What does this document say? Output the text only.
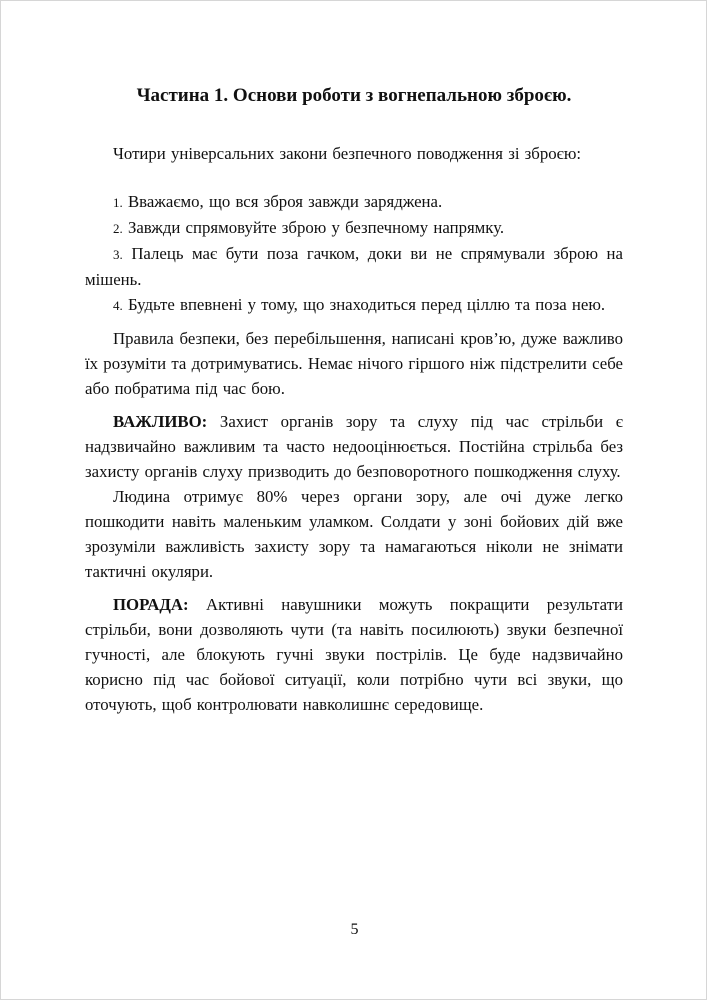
Частина 1. Основи роботи з вогнепальною зброєю.

Чотири універсальних закони безпечного поводження зі зброєю:

1. Вважаємо, що вся зброя завжди заряджена.

2. Завжди спрямовуйте зброю у безпечному напрямку.

3. Палець має бути поза гачком, доки ви не спрямували зброю на мішень.

4. Будьте впевнені у тому, що знаходиться перед ціллю та поза нею.

Правила безпеки, без перебільшення, написані кров’ю, дуже важливо їх розуміти та дотримуватись. Немає нічого гіршого ніж підстрелити себе або побратима під час бою.

ВАЖЛИВО: Захист органів зору та слуху під час стрільби є надзвичайно важливим та часто недооцінюється. Постійна стрільба без захисту органів слуху призводить до безповоротного пошкодження слуху.

Людина отримує 80% через органи зору, але очі дуже легко пошкодити навіть маленьким уламком. Солдати у зоні бойових дій вже зрозуміли важливість захисту зору та намагаються ніколи не знімати тактичні окуляри.

ПОРАДА: Активні навушники можуть покращити результати стрільби, вони дозволяють чути (та навіть посилюють) звуки безпечної гучності, але блокують гучні звуки пострілів. Це буде надзвичайно корисно під час бойової ситуації, коли потрібно чути всі звуки, що оточують, щоб контролювати навколишнє середовище.

5
